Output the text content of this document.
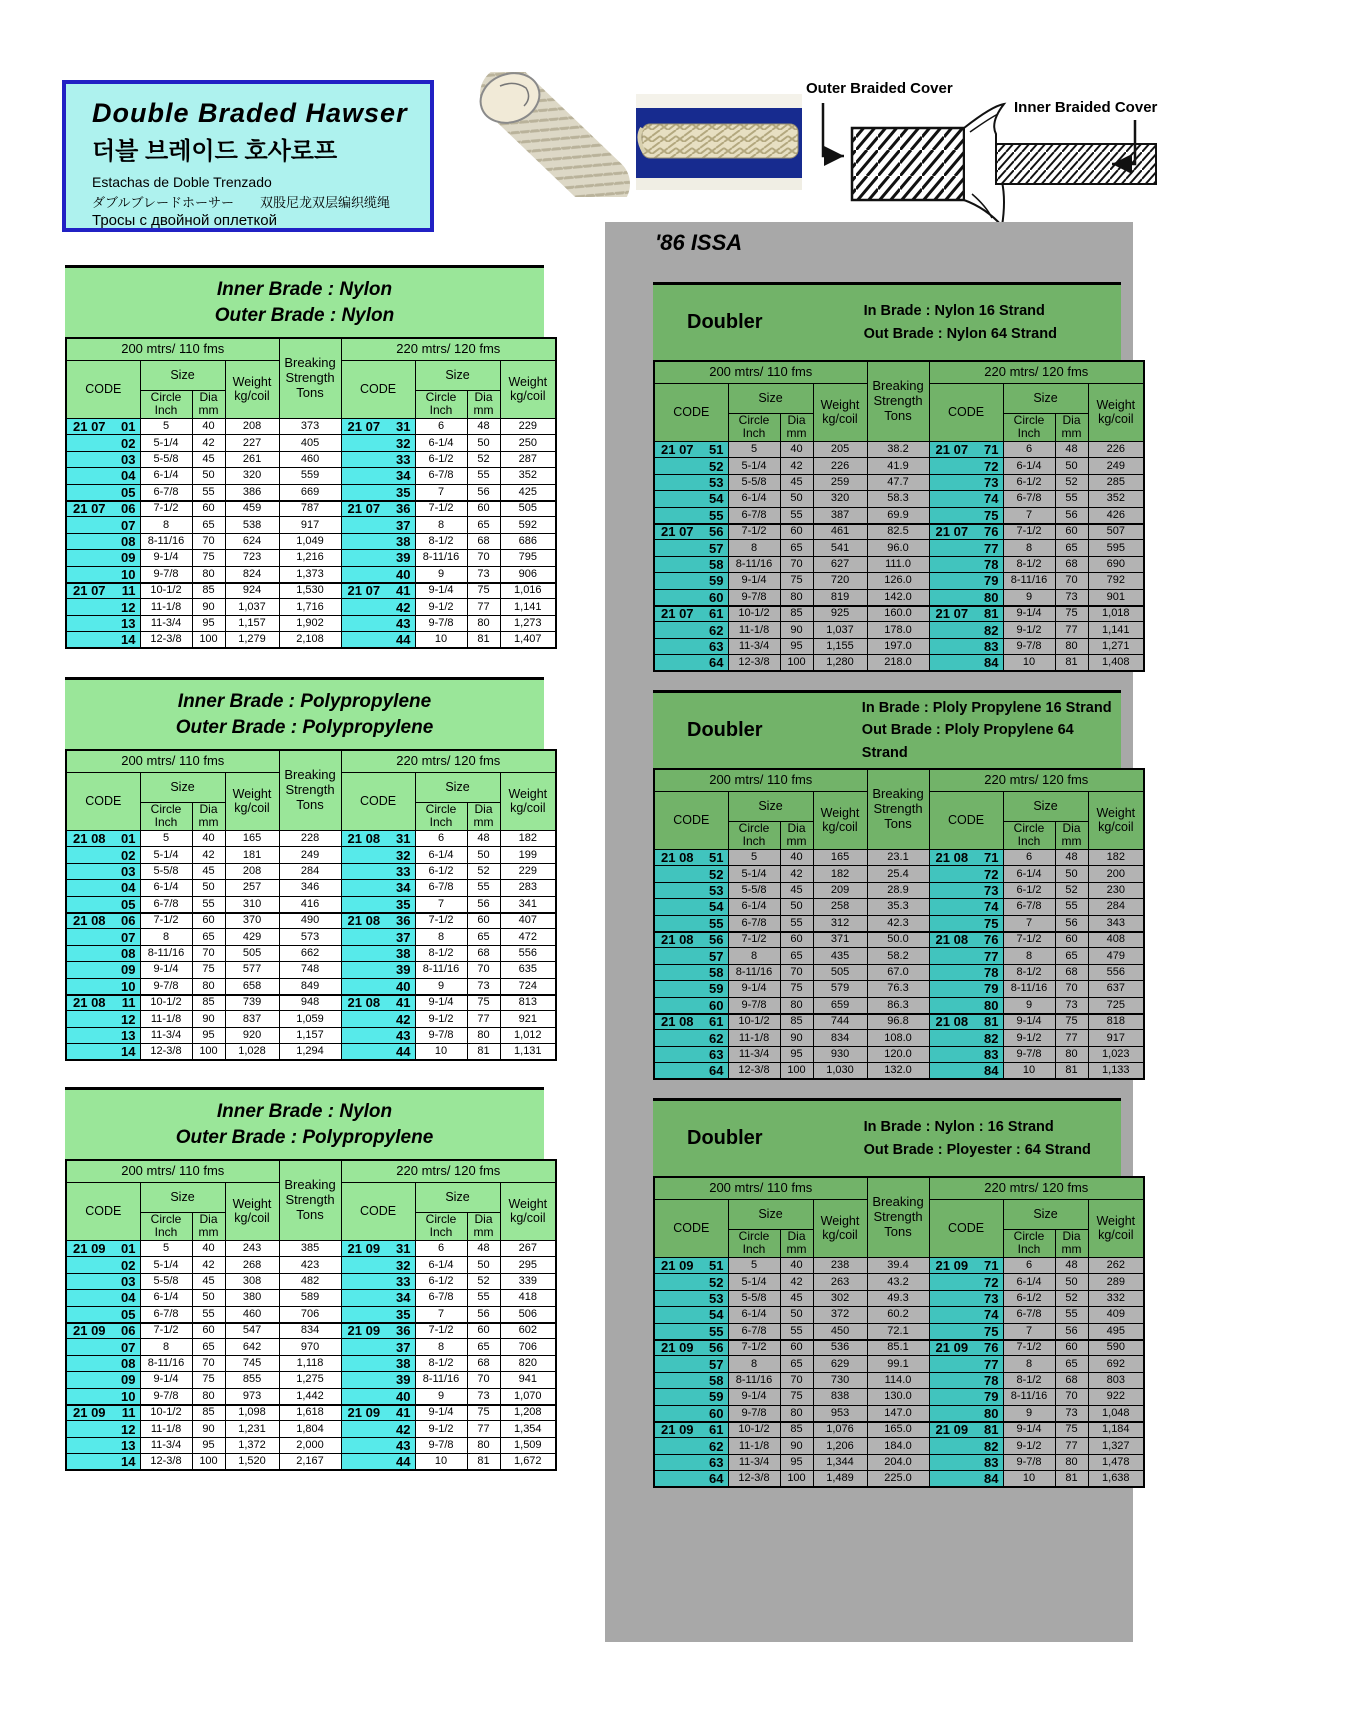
Double Braded Hawser
더블 브레이드 호사로프
Estachas de Doble Trenzado
ダブルブレードホーサー　　双股尼龙双层编织缆绳
Тросы с двойной оплеткой
Outer Braided Cover
Inner Braided Cover
'86 ISSA
Inner Brade : Nylon
Outer Brade : Nylon
200 mtrs/ 110 fms				Breaking
Strength
Tons	220 mtrs/ 120 fms			
CODE	Size	
Weight
kg/coil
	CODE	Size	
Weight
kg/coil

Circle
Inch

Dia
mm

Circle
Inch

Dia
mm

21 07 01	5	40	208	373	21 07 31	6	48	229

02	5-1/4	42	227	405	32	6-1/4	50	250

03	5-5/8	45	261	460	33	6-1/2	52	287

04	6-1/4	50	320	559	34	6-7/8	55	352

05	6-7/8	55	386	669	35	7	56	425

21 07 06	7-1/2	60	459	787	21 07 36	7-1/2	60	505

07	8	65	538	917	37	8	65	592

08	8-11/16	70	624	1,049	38	8-1/2	68	686

09	9-1/4	75	723	1,216	39	8-11/16	70	795

10	9-7/8	80	824	1,373	40	9	73	906

21 07 11	10-1/2	85	924	1,530	21 07 41	9-1/4	75	1,016

12	11-1/8	90	1,037	1,716	42	9-1/2	77	1,141

13	11-3/4	95	1,157	1,902	43	9-7/8	80	1,273

14	12-3/8	100	1,279	2,108	44	10	81	1,407
Doubler	In Brade : Nylon 16 Strand
Out Brade : Nylon 64 Strand
200 mtrs/ 110 fms				Breaking
Strength
Tons	220 mtrs/ 120 fms			
CODE	Size	
Weight
kg/coil
	CODE	Size	
Weight
kg/coil

Circle
Inch

Dia
mm

Circle
Inch

Dia
mm

21 07 51	5	40	205	38.2	21 07 71	6	48	226

52	5-1/4	42	226	41.9	72	6-1/4	50	249

53	5-5/8	45	259	47.7	73	6-1/2	52	285

54	6-1/4	50	320	58.3	74	6-7/8	55	352

55	6-7/8	55	387	69.9	75	7	56	426

21 07 56	7-1/2	60	461	82.5	21 07 76	7-1/2	60	507

57	8	65	541	96.0	77	8	65	595

58	8-11/16	70	627	111.0	78	8-1/2	68	690

59	9-1/4	75	720	126.0	79	8-11/16	70	792

60	9-7/8	80	819	142.0	80	9	73	901

21 07 61	10-1/2	85	925	160.0	21 07 81	9-1/4	75	1,018

62	11-1/8	90	1,037	178.0	82	9-1/2	77	1,141

63	11-3/4	95	1,155	197.0	83	9-7/8	80	1,271

64	12-3/8	100	1,280	218.0	84	10	81	1,408
Inner Brade : Polypropylene
Outer Brade : Polypropylene
200 mtrs/ 110 fms				Breaking
Strength
Tons	220 mtrs/ 120 fms			
CODE	Size	
Weight
kg/coil
	CODE	Size	
Weight
kg/coil

Circle
Inch

Dia
mm

Circle
Inch

Dia
mm

21 08 01	5	40	165	228	21 08 31	6	48	182

02	5-1/4	42	181	249	32	6-1/4	50	199

03	5-5/8	45	208	284	33	6-1/2	52	229

04	6-1/4	50	257	346	34	6-7/8	55	283

05	6-7/8	55	310	416	35	7	56	341

21 08 06	7-1/2	60	370	490	21 08 36	7-1/2	60	407

07	8	65	429	573	37	8	65	472

08	8-11/16	70	505	662	38	8-1/2	68	556

09	9-1/4	75	577	748	39	8-11/16	70	635

10	9-7/8	80	658	849	40	9	73	724

21 08 11	10-1/2	85	739	948	21 08 41	9-1/4	75	813

12	11-1/8	90	837	1,059	42	9-1/2	77	921

13	11-3/4	95	920	1,157	43	9-7/8	80	1,012

14	12-3/8	100	1,028	1,294	44	10	81	1,131
Doubler
In Brade : Ploly Propylene 16 Strand
Out Brade : Ploly Propylene 64 Strand
200 mtrs/ 110 fms				Breaking
Strength
Tons	220 mtrs/ 120 fms			
CODE	Size	
Weight
kg/coil
	CODE	Size	
Weight
kg/coil

Circle
Inch

Dia
mm

Circle
Inch

Dia
mm

21 08 51	5	40	165	23.1	21 08 71	6	48	182

52	5-1/4	42	182	25.4	72	6-1/4	50	200

53	5-5/8	45	209	28.9	73	6-1/2	52	230

54	6-1/4	50	258	35.3	74	6-7/8	55	284

55	6-7/8	55	312	42.3	75	7	56	343

21 08 56	7-1/2	60	371	50.0	21 08 76	7-1/2	60	408

57	8	65	435	58.2	77	8	65	479

58	8-11/16	70	505	67.0	78	8-1/2	68	556

59	9-1/4	75	579	76.3	79	8-11/16	70	637

60	9-7/8	80	659	86.3	80	9	73	725

21 08 61	10-1/2	85	744	96.8	21 08 81	9-1/4	75	818

62	11-1/8	90	834	108.0	82	9-1/2	77	917

63	11-3/4	95	930	120.0	83	9-7/8	80	1,023

64	12-3/8	100	1,030	132.0	84	10	81	1,133
Inner Brade : Nylon
Outer Brade : Polypropylene
200 mtrs/ 110 fms				Breaking
Strength
Tons	220 mtrs/ 120 fms			
CODE	Size	
Weight
kg/coil
	CODE	Size	
Weight
kg/coil

Circle
Inch

Dia
mm

Circle
Inch

Dia
mm

21 09 01	5	40	243	385	21 09 31	6	48	267

02	5-1/4	42	268	423	32	6-1/4	50	295

03	5-5/8	45	308	482	33	6-1/2	52	339

04	6-1/4	50	380	589	34	6-7/8	55	418

05	6-7/8	55	460	706	35	7	56	506

21 09 06	7-1/2	60	547	834	21 09 36	7-1/2	60	602

07	8	65	642	970	37	8	65	706

08	8-11/16	70	745	1,118	38	8-1/2	68	820

09	9-1/4	75	855	1,275	39	8-11/16	70	941

10	9-7/8	80	973	1,442	40	9	73	1,070

21 09 11	10-1/2	85	1,098	1,618	21 09 41	9-1/4	75	1,208

12	11-1/8	90	1,231	1,804	42	9-1/2	77	1,354

13	11-3/4	95	1,372	2,000	43	9-7/8	80	1,509

14	12-3/8	100	1,520	2,167	44	10	81	1,672
Doubler	In Brade : Nylon : 16 Strand
Out Brade : Ployester : 64 Strand
200 mtrs/ 110 fms				Breaking
Strength
Tons	220 mtrs/ 120 fms			
CODE	Size	
Weight
kg/coil
	CODE	Size	
Weight
kg/coil

Circle
Inch

Dia
mm

Circle
Inch

Dia
mm

21 09 51	5	40	238	39.4	21 09 71	6	48	262

52	5-1/4	42	263	43.2	72	6-1/4	50	289

53	5-5/8	45	302	49.3	73	6-1/2	52	332

54	6-1/4	50	372	60.2	74	6-7/8	55	409

55	6-7/8	55	450	72.1	75	7	56	495

21 09 56	7-1/2	60	536	85.1	21 09 76	7-1/2	60	590

57	8	65	629	99.1	77	8	65	692

58	8-11/16	70	730	114.0	78	8-1/2	68	803

59	9-1/4	75	838	130.0	79	8-11/16	70	922

60	9-7/8	80	953	147.0	80	9	73	1,048

21 09 61	10-1/2	85	1,076	165.0	21 09 81	9-1/4	75	1,184

62	11-1/8	90	1,206	184.0	82	9-1/2	77	1,327

63	11-3/4	95	1,344	204.0	83	9-7/8	80	1,478

64	12-3/8	100	1,489	225.0	84	10	81	1,638
